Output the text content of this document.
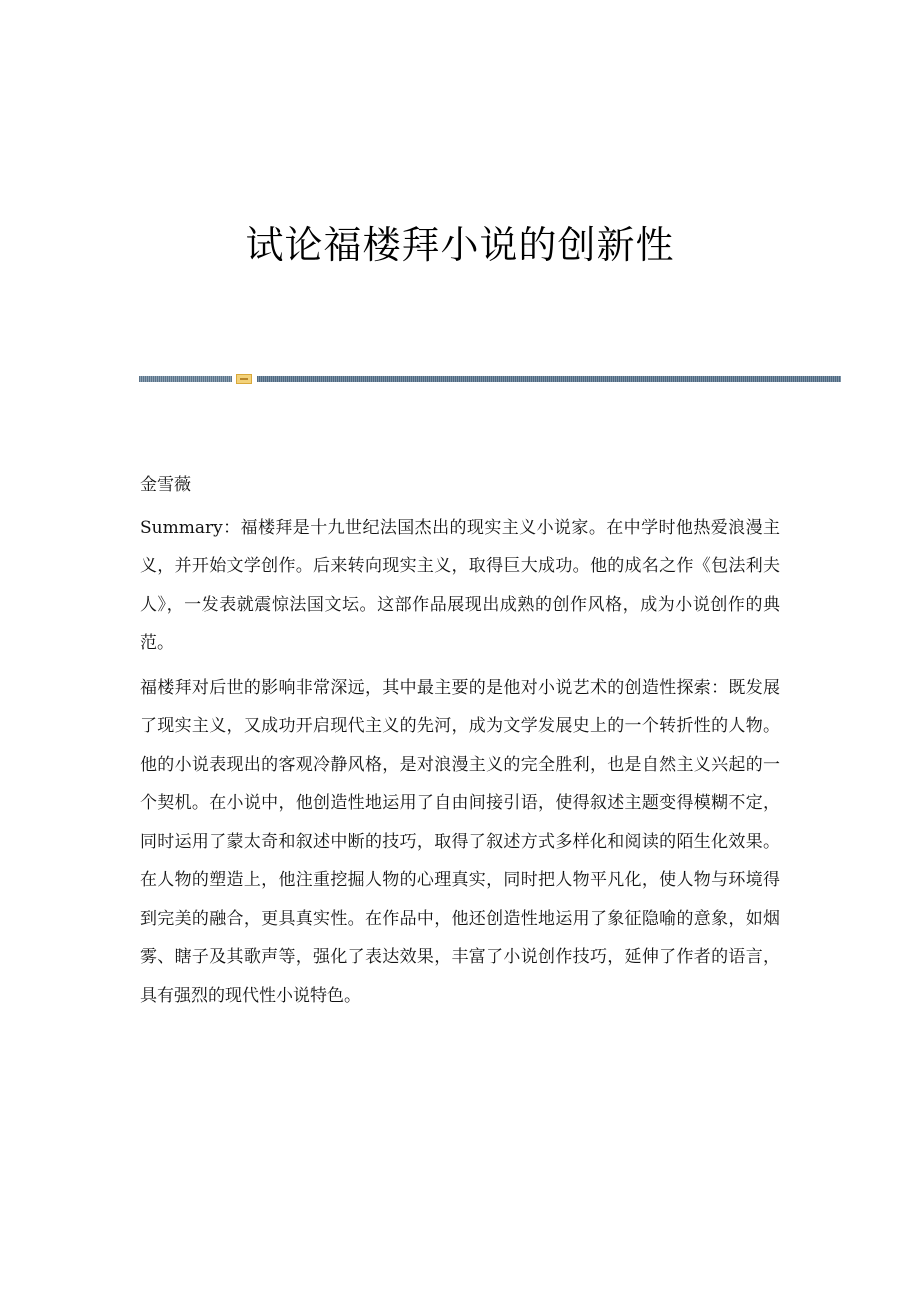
试论福楼拜小说的创新性

金雪薇

Summary：福楼拜是十九世纪法国杰出的现实主义小说家。在中学时他热爱浪漫主义，并开始文学创作。后来转向现实主义，取得巨大成功。他的成名之作《包法利夫人》，一发表就震惊法国文坛。这部作品展现出成熟的创作风格，成为小说创作的典范。

福楼拜对后世的影响非常深远，其中最主要的是他对小说艺术的创造性探索：既发展了现实主义，又成功开启现代主义的先河，成为文学发展史上的一个转折性的人物。他的小说表现出的客观冷静风格，是对浪漫主义的完全胜利，也是自然主义兴起的一个契机。在小说中，他创造性地运用了自由间接引语，使得叙述主题变得模糊不定，同时运用了蒙太奇和叙述中断的技巧，取得了叙述方式多样化和阅读的陌生化效果。在人物的塑造上，他注重挖掘人物的心理真实，同时把人物平凡化，使人物与环境得到完美的融合，更具真实性。在作品中，他还创造性地运用了象征隐喻的意象，如烟雾、瞎子及其歌声等，强化了表达效果，丰富了小说创作技巧，延伸了作者的语言，具有强烈的现代性小说特色。
